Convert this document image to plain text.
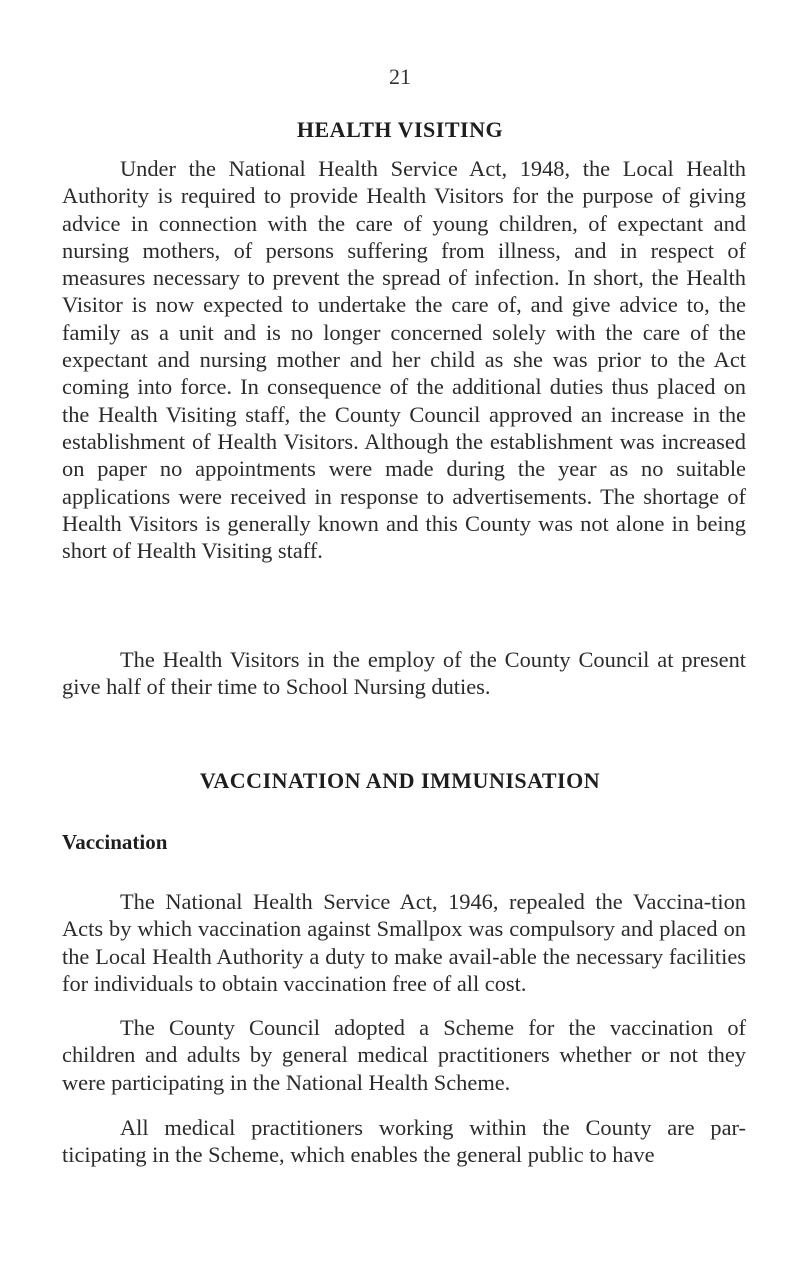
21
HEALTH VISITING

Under the National Health Service Act, 1948, the Local Health Authority is required to provide Health Visitors for the purpose of giving advice in connection with the care of young children, of expectant and nursing mothers, of persons suffering from illness, and in respect of measures necessary to prevent the spread of infection. In short, the Health Visitor is now expected to undertake the care of, and give advice to, the family as a unit and is no longer concerned solely with the care of the expectant and nursing mother and her child as she was prior to the Act coming into force. In consequence of the additional duties thus placed on the Health Visiting staff, the County Council approved an increase in the establishment of Health Visitors. Although the establishment was increased on paper no appointments were made during the year as no suitable applications were received in response to advertisements. The shortage of Health Visitors is generally known and this County was not alone in being short of Health Visiting staff.

The Health Visitors in the employ of the County Council at present give half of their time to School Nursing duties.

VACCINATION AND IMMUNISATION
Vaccination

The National Health Service Act, 1946, repealed the Vaccina-tion Acts by which vaccination against Smallpox was compulsory and placed on the Local Health Authority a duty to make avail-able the necessary facilities for individuals to obtain vaccination free of all cost.

The County Council adopted a Scheme for the vaccination of children and adults by general medical practitioners whether or not they were participating in the National Health Scheme.

All medical practitioners working within the County are par-ticipating in the Scheme, which enables the general public to have
